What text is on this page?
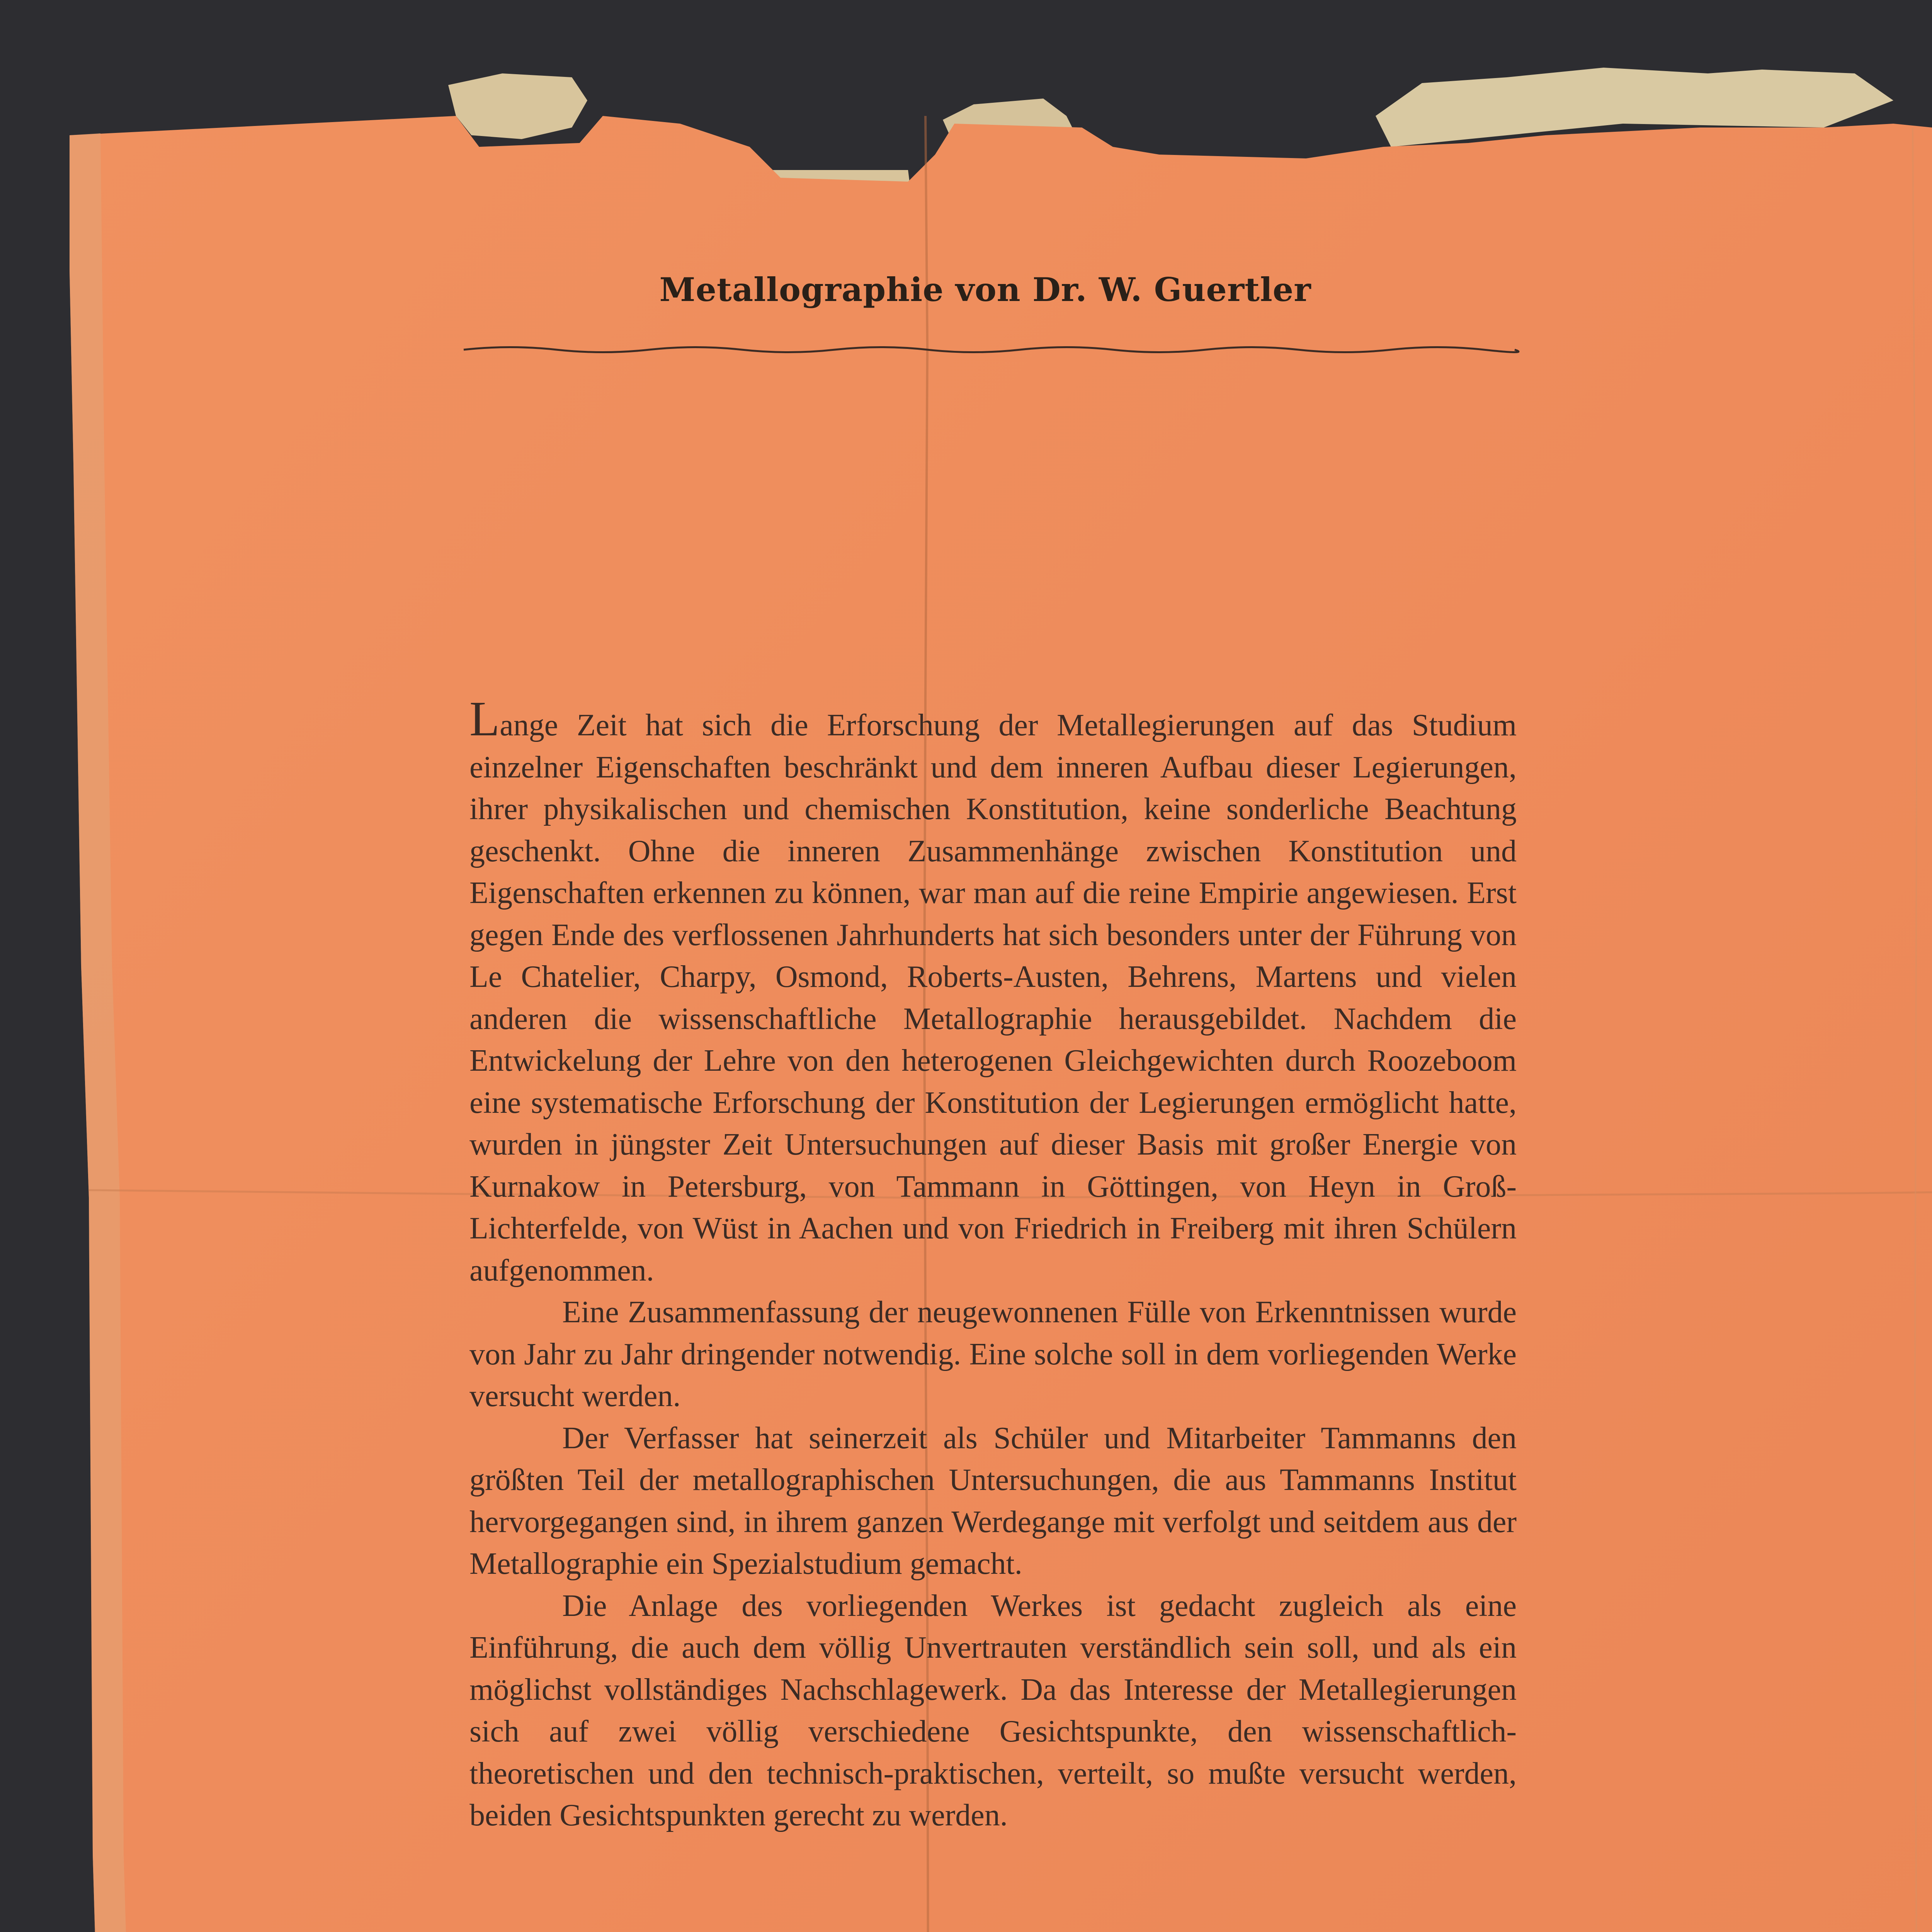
Metallographie von Dr. W. Guertler

Lange Zeit hat sich die Erforschung der Metallegierungen auf das Studium einzelner Eigenschaften beschränkt und dem inneren Aufbau dieser Legierungen, ihrer physikalischen und chemischen Konstitution, keine sonderliche Beachtung geschenkt. Ohne die inneren Zusammenhänge zwischen Konstitution und Eigenschaften erkennen zu können, war man auf die reine Empirie angewiesen. Erst gegen Ende des verflossenen Jahrhunderts hat sich besonders unter der Führung von Le Chatelier, Charpy, Osmond, Roberts-Austen, Behrens, Martens und vielen anderen die wissenschaftliche Metallographie herausgebildet. Nachdem die Entwickelung der Lehre von den heterogenen Gleichgewichten durch Roozeboom eine systematische Erforschung der Konstitution der Legierungen ermöglicht hatte, wurden in jüngster Zeit Untersuchungen auf dieser Basis mit großer Energie von Kurnakow in Petersburg, von Tammann in Göttingen, von Heyn in Groß-Lichterfelde, von Wüst in Aachen und von Friedrich in Freiberg mit ihren Schülern aufgenommen.

Eine Zusammenfassung der neugewonnenen Fülle von Erkenntnissen wurde von Jahr zu Jahr dringender notwendig. Eine solche soll in dem vorliegenden Werke versucht werden.

Der Verfasser hat seinerzeit als Schüler und Mitarbeiter Tammanns den größten Teil der metallographischen Untersuchungen, die aus Tammanns Institut hervorgegangen sind, in ihrem ganzen Werdegange mit verfolgt und seitdem aus der Metallographie ein Spezialstudium gemacht.

Die Anlage des vorliegenden Werkes ist gedacht zugleich als eine Einführung, die auch dem völlig Unvertrauten verständlich sein soll, und als ein möglichst vollständiges Nachschlagewerk. Da das Interesse der Metallegierungen sich auf zwei völlig verschiedene Gesichtspunkte, den wissenschaftlich-theoretischen und den technisch-praktischen, verteilt, so mußte versucht werden, beiden Gesichtspunkten gerecht zu werden.
